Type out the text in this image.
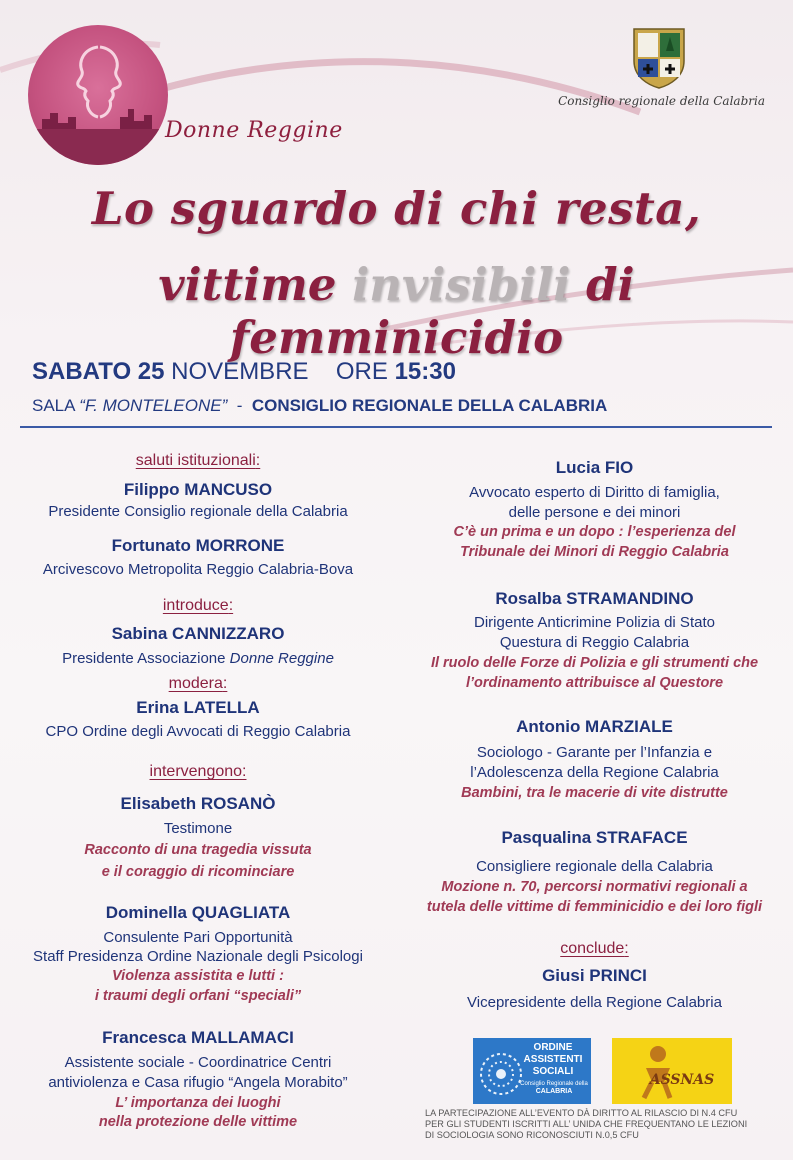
Donne Reggine
Consiglio regionale della Calabria
Lo sguardo di chi resta,
vittime invisibili di femminicidio
SABATO 25 NOVEMBRE ORE 15:30
SALA “F. MONTELEONE” - CONSIGLIO REGIONALE DELLA CALABRIA
saluti istituzionali:
Filippo MANCUSO
Presidente Consiglio regionale della Calabria
Fortunato MORRONE
Arcivescovo Metropolita Reggio Calabria-Bova
introduce:
Sabina CANNIZZARO
Presidente Associazione Donne Reggine
modera:
Erina LATELLA
CPO Ordine degli Avvocati di Reggio Calabria
intervengono:
Elisabeth ROSANÒ
Testimone
Racconto di una tragedia vissuta
e il coraggio di ricominciare
Dominella QUAGLIATA
Consulente Pari Opportunità
Staff Presidenza Ordine Nazionale degli Psicologi
Violenza assistita e lutti :
i traumi degli orfani “speciali”
Francesca MALLAMACI
Assistente sociale - Coordinatrice Centri
antiviolenza e Casa rifugio “Angela Morabito”
L’ importanza dei luoghi
nella protezione delle vittime
Lucia FIO
Avvocato esperto di Diritto di famiglia,
delle persone e dei minori
C’è un prima e un dopo : l’esperienza del
Tribunale dei Minori di Reggio Calabria
Rosalba STRAMANDINO
Dirigente Anticrimine Polizia di Stato
Questura di Reggio Calabria
Il ruolo delle Forze di Polizia e gli strumenti che
l’ordinamento attribuisce al Questore
Antonio MARZIALE
Sociologo - Garante per l’Infanzia e
l’Adolescenza della Regione Calabria
Bambini, tra le macerie di vite distrutte
Pasqualina STRAFACE
Consigliere regionale della Calabria
Mozione n. 70, percorsi normativi regionali a
tutela delle vittime di femminicidio e dei loro figli
conclude:
Giusi PRINCI
Vicepresidente della Regione Calabria
ORDINE
ASSISTENTI
SOCIALI
Consiglio Regionale della
CALABRIA
ASSNAS
LA PARTECIPAZIONE ALL’EVENTO DÀ DIRITTO AL RILASCIO DI N.4 CFU
PER GLI STUDENTI ISCRITTI ALL’ UNIDA CHE FREQUENTANO LE LEZIONI
DI SOCIOLOGIA SONO RICONOSCIUTI N.0,5 CFU
